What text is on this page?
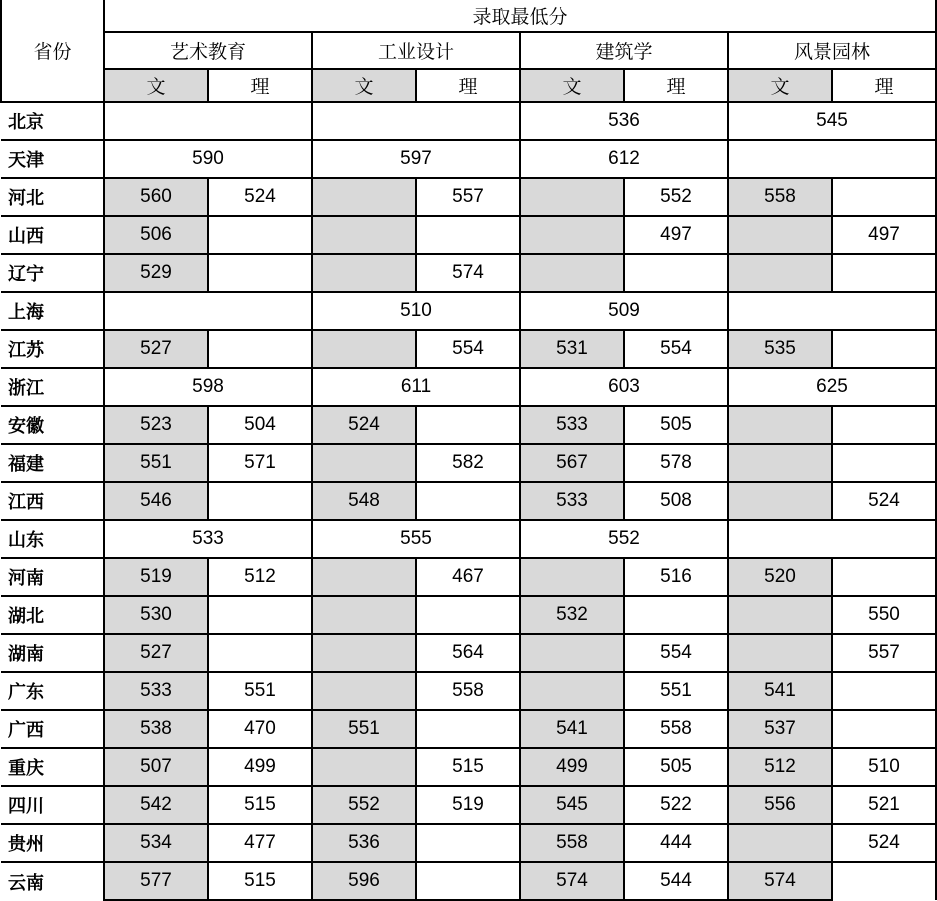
省份	录取最低分							
	艺术教育		工业设计		建筑学		风景园林	
	文	理	文	理	文	理	文	理
北京					536		545	
天津	590		597		612			
河北	560	524		557		552	558	
山西	506					497		497
辽宁	529			574				
上海			510		509			
江苏	527			554	531	554	535	
浙江	598		611		603		625	
安徽	523	504	524		533	505		
福建	551	571		582	567	578		
江西	546		548		533	508		524
山东	533		555		552			
河南	519	512		467		516	520	
湖北	530				532			550
湖南	527			564		554		557
广东	533	551		558		551	541	
广西	538	470	551		541	558	537	
重庆	507	499		515	499	505	512	510
四川	542	515	552	519	545	522	556	521
贵州	534	477	536		558	444		524
云南	577	515	596		574	544	574	
